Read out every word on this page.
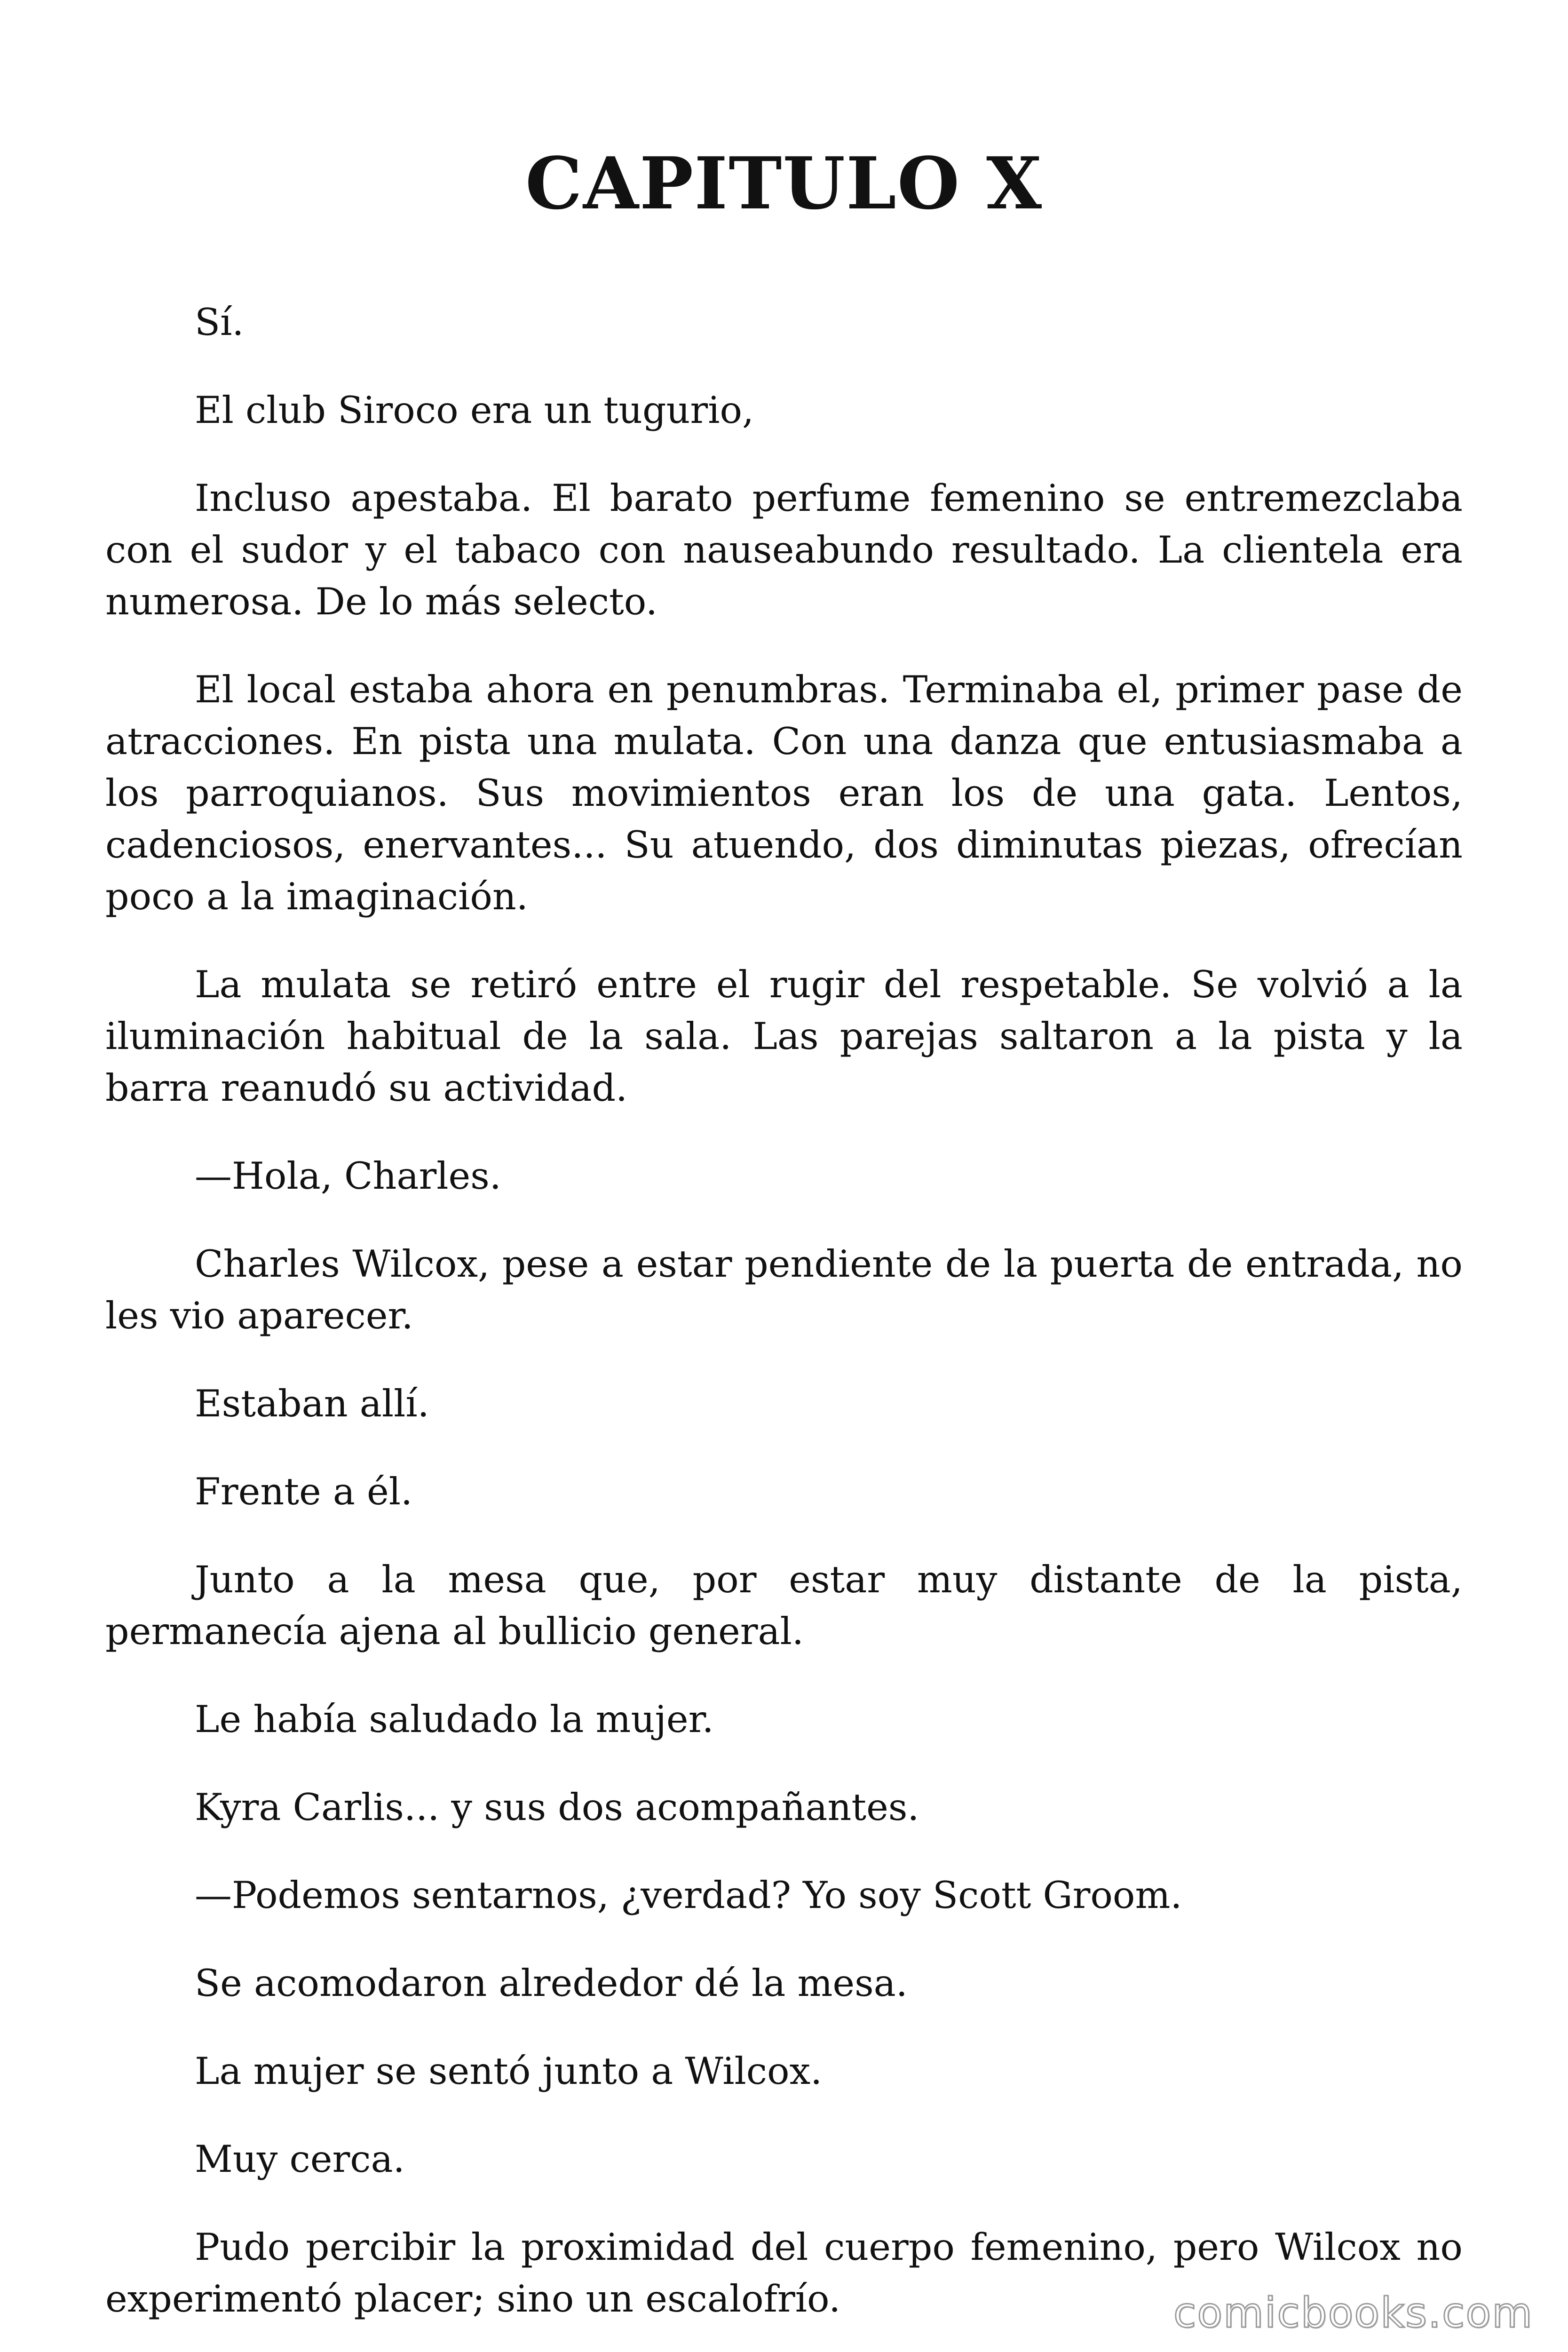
CAPITULO X

Sí.

El club Siroco era un tugurio,

Incluso apestaba. El barato perfume femenino se entremezclaba con el sudor y el tabaco con nauseabundo resultado. La clientela era numerosa. De lo más selecto.

El local estaba ahora en penumbras. Terminaba el, primer pase de atracciones. En pista una mulata. Con una danza que entusiasmaba a los parroquianos. Sus movimientos eran los de una gata. Lentos, cadenciosos, enervantes... Su atuendo, dos diminutas piezas, ofrecían poco a la imaginación.

La mulata se retiró entre el rugir del respetable. Se volvió a la iluminación habitual de la sala. Las parejas saltaron a la pista y la barra reanudó su actividad.

—Hola, Charles.

Charles Wilcox, pese a estar pendiente de la puerta de entrada, no les vio aparecer.

Estaban allí.

Frente a él.

Junto a la mesa que, por estar muy distante de la pista, permanecía ajena al bullicio general.

Le había saludado la mujer.

Kyra Carlis... y sus dos acompañantes.

—Podemos sentarnos, ¿verdad? Yo soy Scott Groom.

Se acomodaron alrededor dé la mesa.

La mujer se sentó junto a Wilcox.

Muy cerca.

Pudo percibir la proximidad del cuerpo femenino, pero Wilcox no experimentó placer; sino un escalofrío.	comicbooks.com
